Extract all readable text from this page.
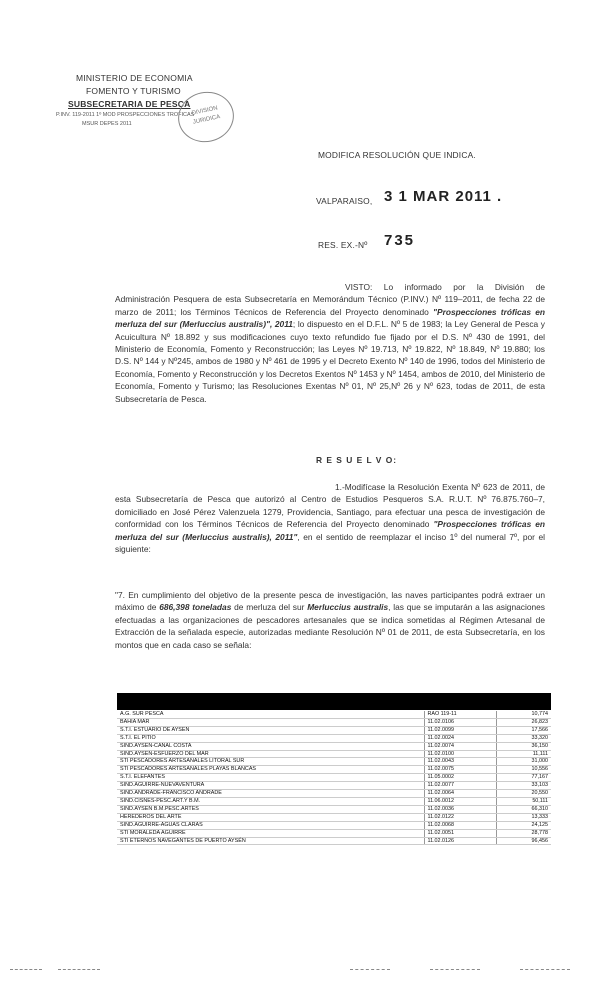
MINISTERIO DE ECONOMIA
FOMENTO Y TURISMO
SUBSECRETARIA DE PESCA
P.INV. 119-2011 1º MOD PROSPECCIONES TROFICAS
MSUR DEPES 2011
DIVISION
JURIDICA
MODIFICA RESOLUCIÓN QUE INDICA.
VALPARAISO, 3 1 MAR 2011 .
RES. EX.-Nº 735
VISTO: Lo informado por la División de Administración Pesquera de esta Subsecretaría en Memorándum Técnico (P.INV.) Nº 119–2011, de fecha 22 de marzo de 2011; los Términos Técnicos de Referencia del Proyecto denominado "Prospecciones tróficas en merluza del sur (Merluccius australis)", 2011; lo dispuesto en el D.F.L. Nº 5 de 1983; la Ley General de Pesca y Acuicultura Nº 18.892 y sus modificaciones cuyo texto refundido fue fijado por el D.S. Nº 430 de 1991, del Ministerio de Economía, Fomento y Reconstrucción; las Leyes Nº 19.713, Nº 19.822, Nº 18.849, Nº 19.880; los D.S. Nº 144 y Nº245, ambos de 1980 y Nº 461 de 1995 y el Decreto Exento Nº 140 de 1996, todos del Ministerio de Economía, Fomento y Reconstrucción y los Decretos Exentos Nº 1453 y Nº 1454, ambos de 2010, del Ministerio de Economía, Fomento y Turismo; las Resoluciones Exentas Nº 01, Nº 25,Nº 26 y Nº 623, todas de 2011, de esta Subsecretaría de Pesca.
R E S U E L V O:
1.-Modifícase la Resolución Exenta Nº 623 de 2011, de esta Subsecretaría de Pesca que autorizó al Centro de Estudios Pesqueros S.A. R.U.T. Nº 76.875.760–7, domiciliado en José Pérez Valenzuela 1279, Providencia, Santiago, para efectuar una pesca de investigación de conformidad con los Términos Técnicos de Referencia del Proyecto denominado "Prospecciones tróficas en merluza del sur (Merluccius australis), 2011", en el sentido de reemplazar el inciso 1º del numeral 7º, por el siguiente:
"7. En cumplimiento del objetivo de la presente pesca de investigación, las naves participantes podrá extraer un máximo de 686,398 toneladas de merluza del sur Merluccius australis, las que se imputarán a las asignaciones efectuadas a las organizaciones de pescadores artesanales que se indica sometidas al Régimen Artesanal de Extracción de la señalada especie, autorizadas mediante Resolución Nº 01 de 2011, de esta Subsecretaría, en los montos que en cada caso se señala:
A.G. SUR PESCA	RAO 119-11	10,774
BAHIA MAR	11.02.0106	26,823
S.T.I. ESTUARIO DE AYSEN	11.02.0099	17,566
S.T.I. EL PITIO	11.02.0024	33,320
SIND.AYSEN-CANAL COSTA	11.02.0074	36,150
SIND.AYSEN-ESFUERZO DEL MAR	11.02.0100	11,111
STI PESCADORES ARTESANALES LITORAL SUR	11.02.0043	31,000
STI PESCADORES ARTESANALES PLAYAS BLANCAS	11.02.0075	10,556
S.T.I. ELEFANTES	11.05.0002	77,167
SIND.AGUIRRE-NUEVAVENTURA	11.02.0077	33,103
SIND.ANDRADE-FRANCISCO ANDRADE	11.02.0064	20,550
SIND.CISNES-PESC.ART.Y B.M.	11.06.0012	50,111
SIND.AYSEN B.M.PESC.ARTES	11.02.0036	66,310
HEREDEROS DEL ARTE	11.02.0122	13,333
SIND.AGUIRRE-AGUAS CLARAS	11.02.0068	24,125
STI MORALEDA AGUIRRE	11.02.0051	28,778
STI ETERNOS NAVEGANTES DE PUERTO AYSÉN	11.02.0126	96,456
